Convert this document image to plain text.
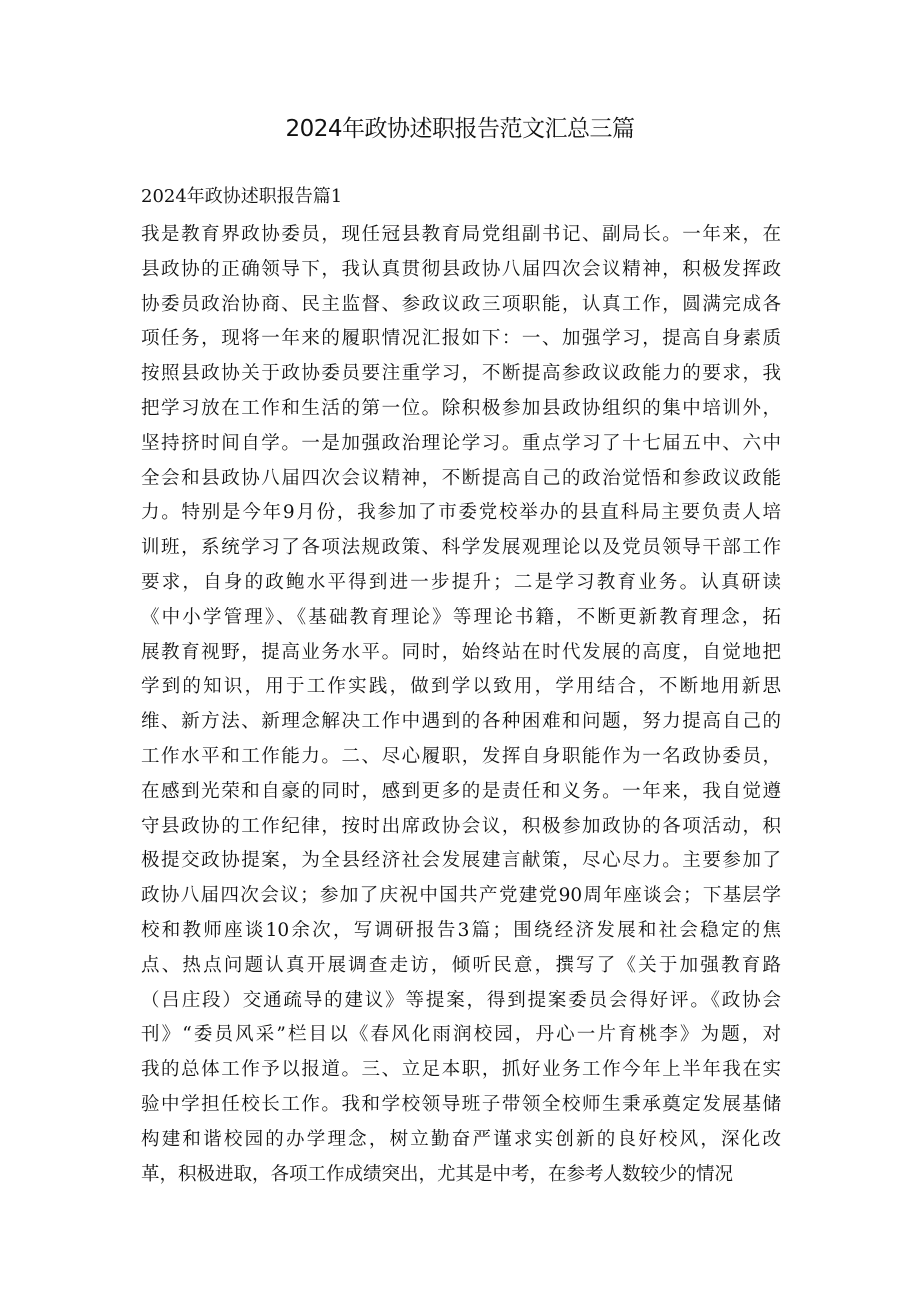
2024年政协述职报告范文汇总三篇
2024年政协述职报告篇1
我是教育界政协委员，现任冠县教育局党组副书记、副局长。一年来，在
县政协的正确领导下，我认真贯彻县政协八届四次会议精神，积极发挥政
协委员政治协商、民主监督、参政议政三项职能，认真工作，圆满完成各
项任务，现将一年来的履职情况汇报如下：一、加强学习，提高自身素质
按照县政协关于政协委员要注重学习，不断提高参政议政能力的要求，我
把学习放在工作和生活的第一位。除积极参加县政协组织的集中培训外，
坚持挤时间自学。一是加强政治理论学习。重点学习了十七届五中、六中
全会和县政协八届四次会议精神，不断提高自己的政治觉悟和参政议政能
力。特别是今年9月份，我参加了市委党校举办的县直科局主要负责人培
训班，系统学习了各项法规政策、科学发展观理论以及党员领导干部工作
要求，自身的政鲍水平得到进一步提升；二是学习教育业务。认真研读
《中小学管理》、《基础教育理论》等理论书籍，不断更新教育理念，拓
展教育视野，提高业务水平。同时，始终站在时代发展的高度，自觉地把
学到的知识，用于工作实践，做到学以致用，学用结合，不断地用新思
维、新方法、新理念解决工作中遇到的各种困难和问题，努力提高自己的
工作水平和工作能力。二、尽心履职，发挥自身职能作为一名政协委员，
在感到光荣和自豪的同时，感到更多的是责任和义务。一年来，我自觉遵
守县政协的工作纪律，按时出席政协会议，积极参加政协的各项活动，积
极提交政协提案，为全县经济社会发展建言献策，尽心尽力。主要参加了
政协八届四次会议；参加了庆祝中国共产党建党90周年座谈会；下基层学
校和教师座谈10余次，写调研报告3篇；围绕经济发展和社会稳定的焦
点、热点问题认真开展调查走访，倾听民意，撰写了《关于加强教育路
（吕庄段）交通疏导的建议》等提案，得到提案委员会得好评。《政协会
刊》“委员风采”栏目以《春风化雨润校园，丹心一片育桃李》为题，对
我的总体工作予以报道。三、立足本职，抓好业务工作今年上半年我在实
验中学担任校长工作。我和学校领导班子带领全校师生秉承奠定发展基储
构建和谐校园的办学理念，树立勤奋严谨求实创新的良好校风，深化改
革，积极进取，各项工作成绩突出，尤其是中考，在参考人数较少的情况
